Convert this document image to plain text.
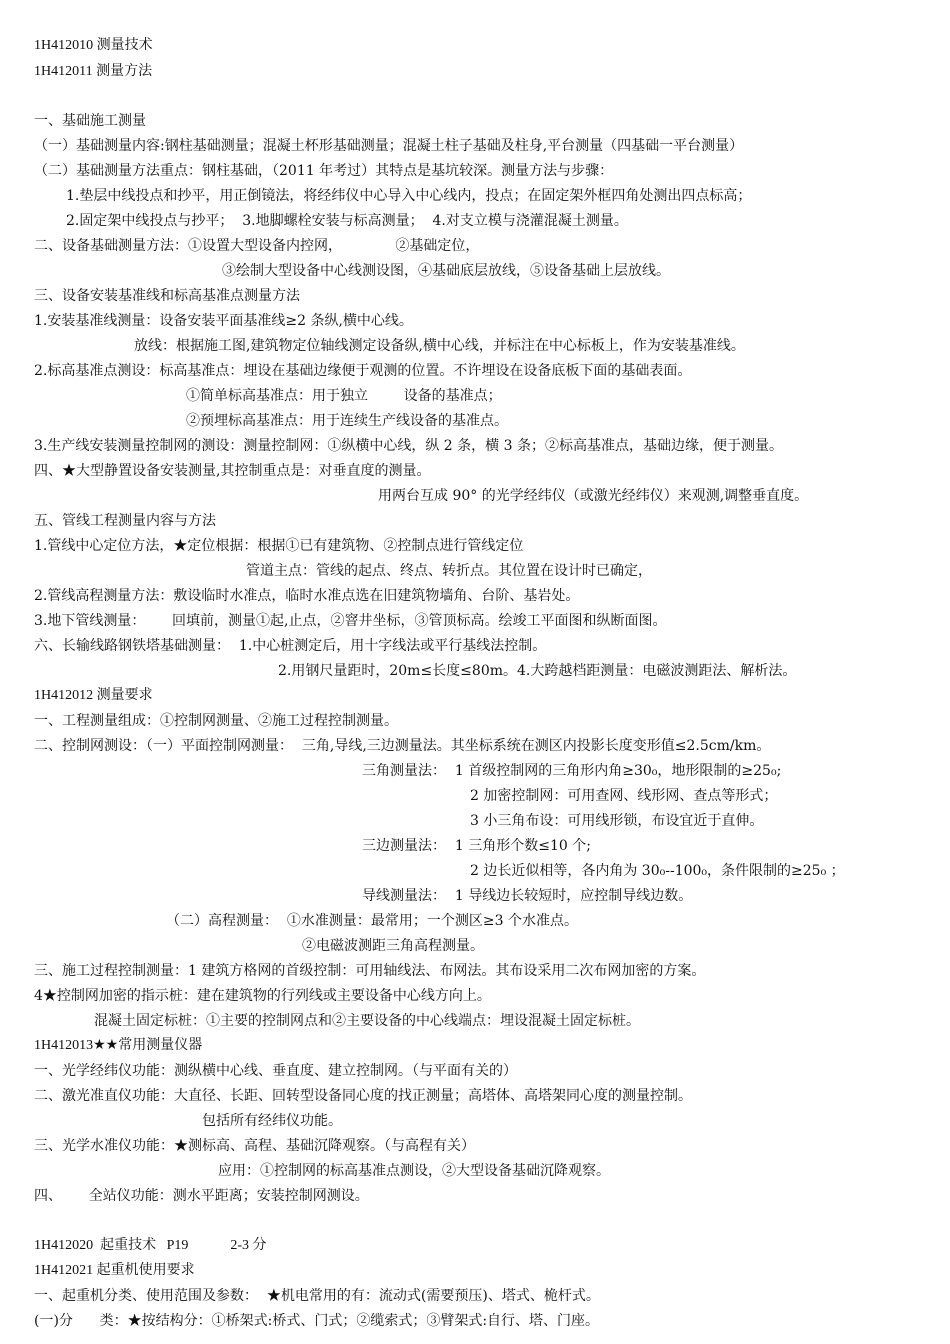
1H412010 测量技术
1H412011 测量方法
一、基础施工测量
（一）基础测量内容:钢柱基础测量；混凝土杯形基础测量；混凝土柱子基础及柱身,平台测量（四基础一平台测量）
（二）基础测量方法重点：钢柱基础，（2011 年考过）其特点是基坑较深。测量方法与步骤：
1.垫层中线投点和抄平，用正倒镜法，将经纬仪中心导入中心线内，投点；在固定架外框四角处测出四点标高；
2.固定架中线投点与抄平；  3.地脚螺栓安装与标高测量；  4.对支立模与浇灌混凝土测量。
二、设备基础测量方法：①设置大型设备内控网，            ②基础定位，
③绘制大型设备中心线测设图，④基础底层放线，⑤设备基础上层放线。
三、设备安装基准线和标高基准点测量方法
1.安装基准线测量：设备安装平面基准线≥2 条纵,横中心线。
放线：根据施工图,建筑物定位轴线测定设备纵,横中心线，并标注在中心标板上，作为安装基准线。
2.标高基准点测设：标高基准点：埋设在基础边缘便于观测的位置。不许埋设在设备底板下面的基础表面。
①简单标高基准点：用于独立        设备的基准点；
②预埋标高基准点：用于连续生产线设备的基准点。
3.生产线安装测量控制网的测设：测量控制网：①纵横中心线，纵 2 条，横 3 条；②标高基准点，基础边缘，便于测量。
四、★大型静置设备安装测量,其控制重点是：对垂直度的测量。
用两台互成 90° 的光学经纬仪（或激光经纬仪）来观测,调整垂直度。
五、管线工程测量内容与方法
1.管线中心定位方法，★定位根据：根据①已有建筑物、②控制点进行管线定位
管道主点：管线的起点、终点、转折点。其位置在设计时已确定，
2.管线高程测量方法：敷设临时水准点，临时水准点选在旧建筑物墙角、台阶、基岩处。
3.地下管线测量：      回填前，测量①起,止点，②窨井坐标，③管顶标高。绘竣工平面图和纵断面图。
六、长输线路钢铁塔基础测量：  1.中心桩测定后，用十字线法或平行基线法控制。
2.用钢尺量距时，20m≤长度≤80m。4.大跨越档距测量：电磁波测距法、解析法。
1H412012 测量要求
一、工程测量组成：①控制网测量、②施工过程控制测量。
二、控制网测设：（一）平面控制网测量：  三角,导线,三边测量法。其坐标系统在测区内投影长度变形值≤2.5cm/km。
三角测量法：  1 首级控制网的三角形内角≥30₀，地形限制的≥25₀;
2 加密控制网：可用查网、线形网、查点等形式；
3 小三角布设：可用线形锁，布设宜近于直伸。
三边测量法：  1 三角形个数≤10 个;
2 边长近似相等，各内角为 30₀--100₀，条件限制的≥25₀ ；
导线测量法：  1 导线边长较短时，应控制导线边数。
（二）高程测量：  ①水准测量：最常用；一个测区≥3 个水准点。
②电磁波测距三角高程测量。
三、施工过程控制测量：1 建筑方格网的首级控制：可用轴线法、布网法。其布设采用二次布网加密的方案。
4★控制网加密的指示桩：建在建筑物的行列线或主要设备中心线方向上。
混凝土固定标桩：①主要的控制网点和②主要设备的中心线端点：埋设混凝土固定标桩。
1H412013★★常用测量仪器
一、光学经纬仪功能：测纵横中心线、垂直度、建立控制网。（与平面有关的）
二、激光准直仪功能：大直径、长距、回转型设备同心度的找正测量；高塔体、高塔架同心度的测量控制。
包括所有经纬仪功能。
三、光学水准仪功能：★测标高、高程、基础沉降观察。（与高程有关）
应用：①控制网的标高基准点测设，②大型设备基础沉降观察。
四、      全站仪功能：测水平距离；安装控制网测设。
1H412020  起重技术   P19            2-3 分
1H412021 起重机使用要求
一、起重机分类、使用范围及参数：  ★机电常用的有：流动式(需要预压)、塔式、桅杆式。
(一)分      类：★按结构分：①桥架式:桥式、门式；②缆索式；③臂架式:自行、塔、门座。
